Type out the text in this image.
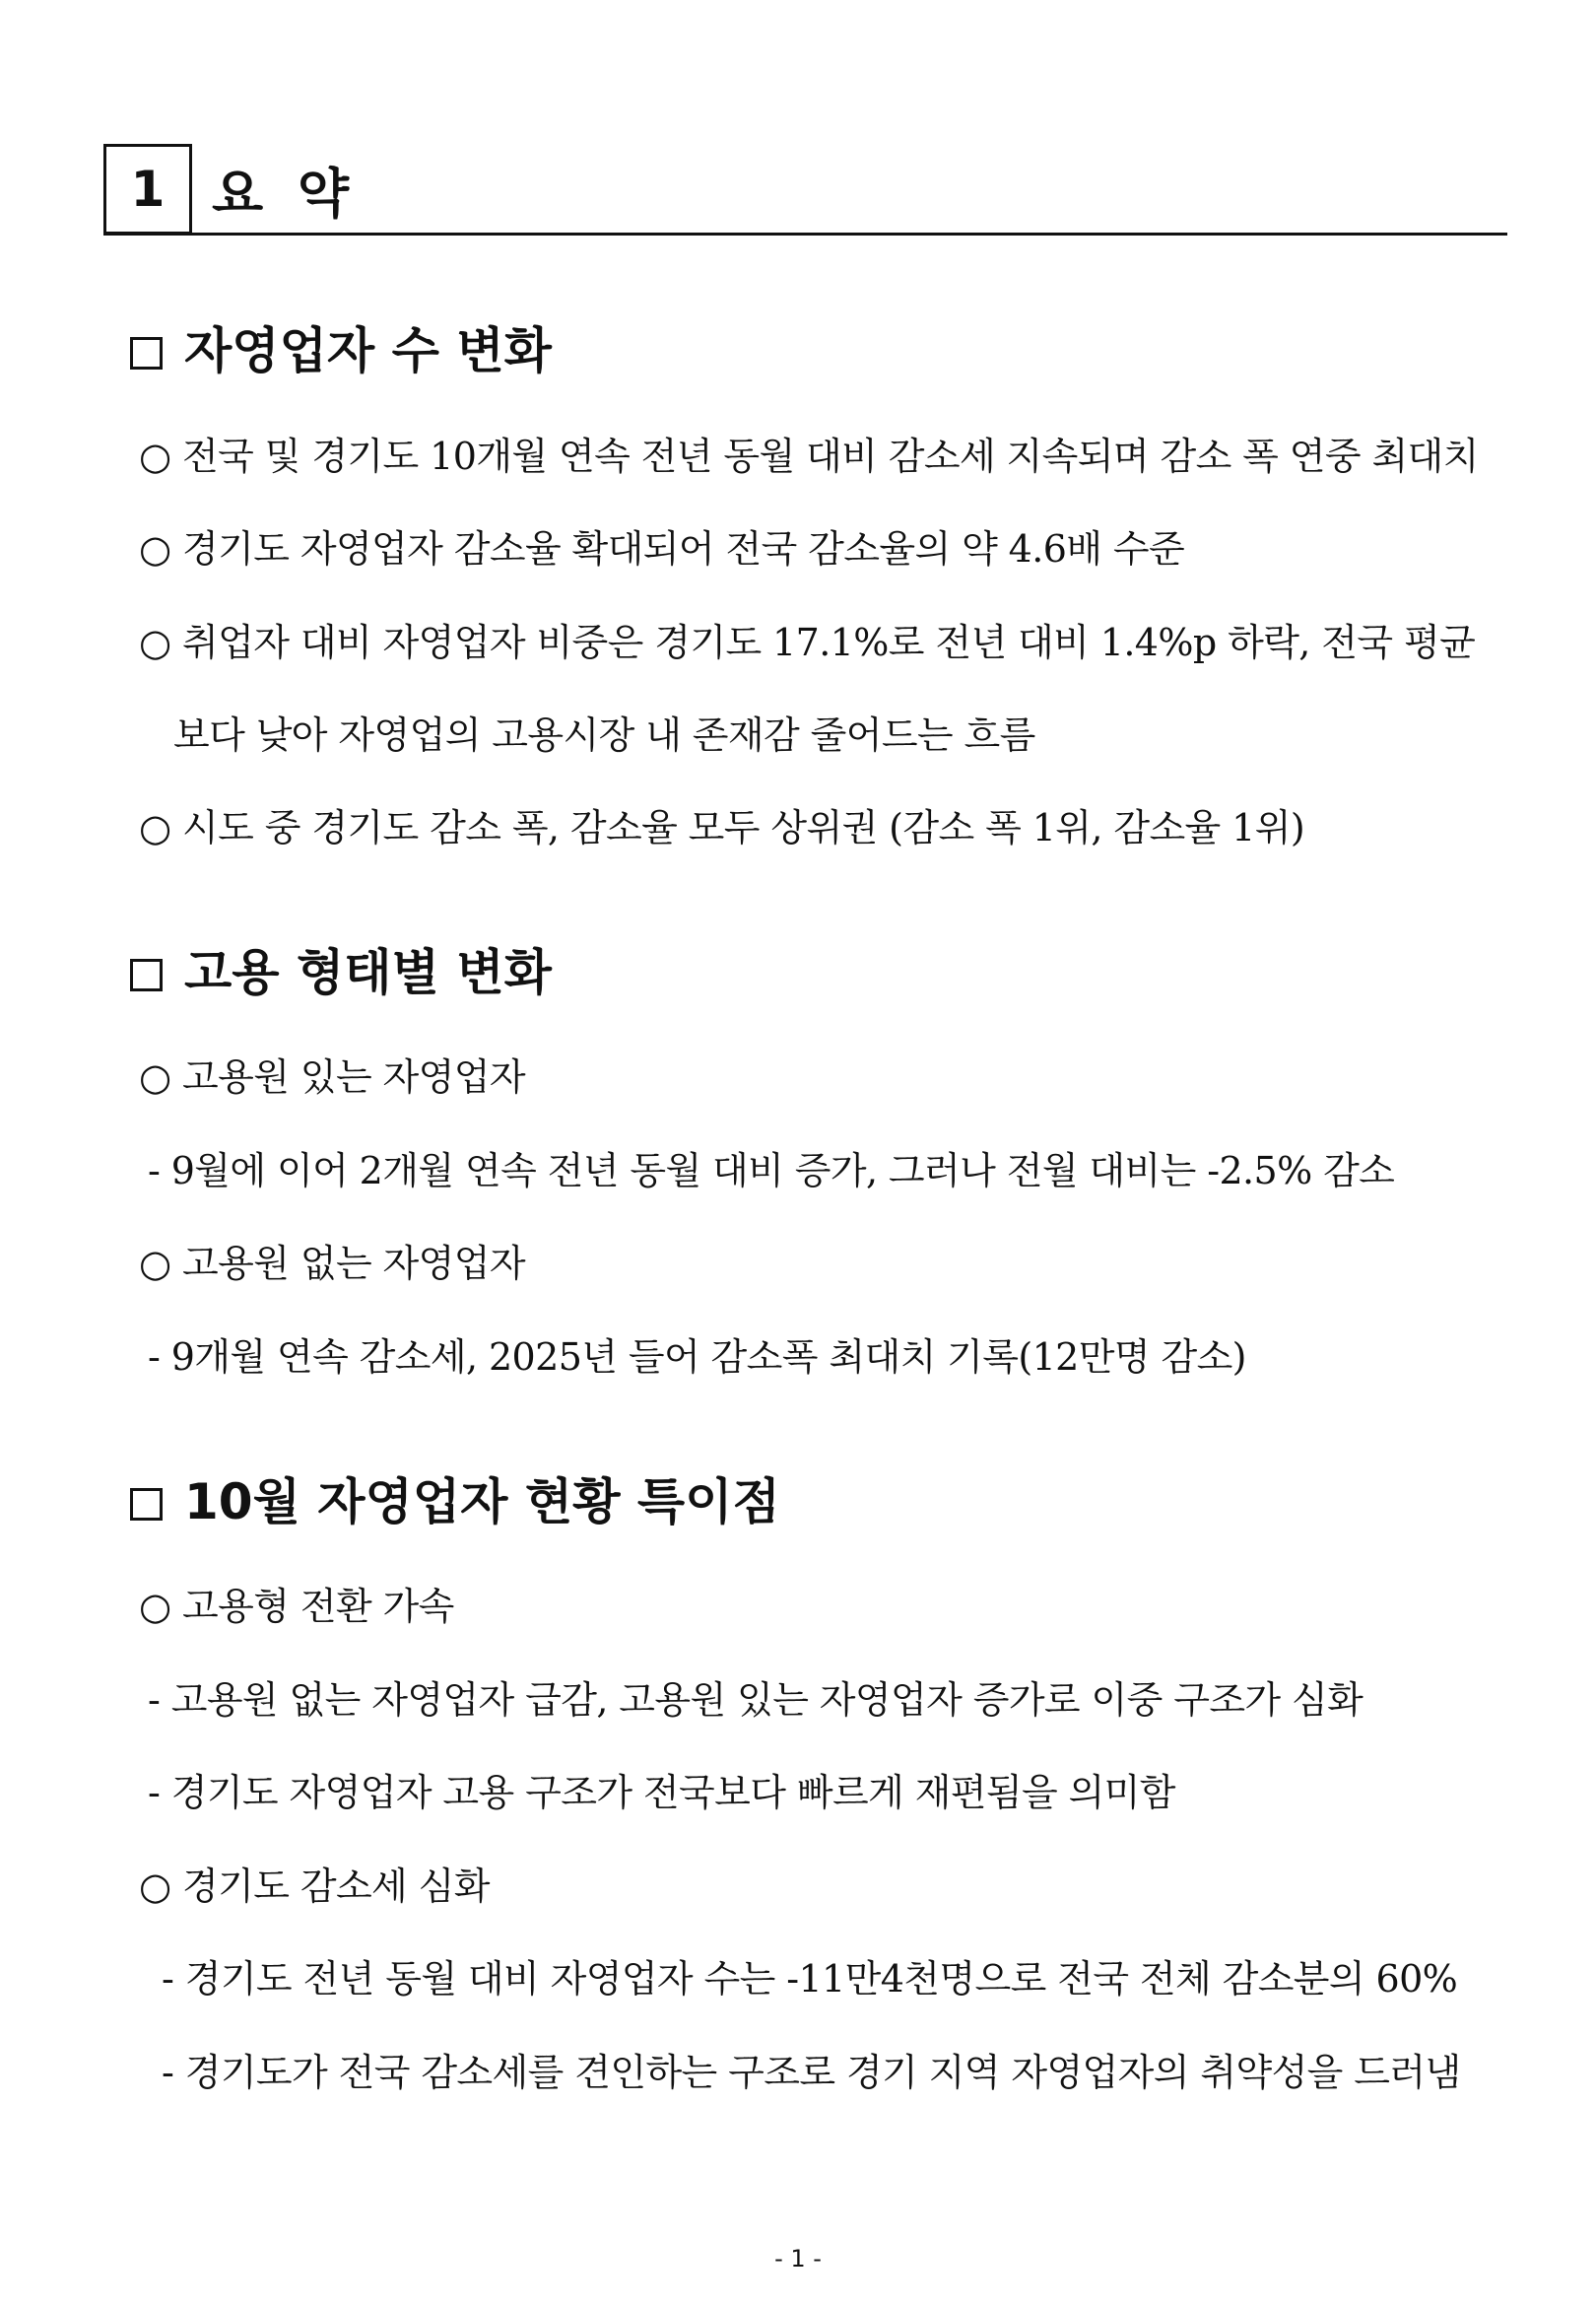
1 요 약
자영업자 수 변화
○ 전국 및 경기도 10개월 연속 전년 동월 대비 감소세 지속되며 감소 폭 연중 최대치
○ 경기도 자영업자 감소율 확대되어 전국 감소율의 약 4.6배 수준
○ 취업자 대비 자영업자 비중은 경기도 17.1%로 전년 대비 1.4%p 하락, 전국 평균
보다 낮아 자영업의 고용시장 내 존재감 줄어드는 흐름
○ 시도 중 경기도 감소 폭, 감소율 모두 상위권 (감소 폭 1위, 감소율 1위)
고용 형태별 변화
○ 고용원 있는 자영업자
- 9월에 이어 2개월 연속 전년 동월 대비 증가, 그러나 전월 대비는 -2.5% 감소
○ 고용원 없는 자영업자
- 9개월 연속 감소세, 2025년 들어 감소폭 최대치 기록(12만명 감소)
10월 자영업자 현황 특이점
○ 고용형 전환 가속
- 고용원 없는 자영업자 급감, 고용원 있는 자영업자 증가로 이중 구조가 심화
- 경기도 자영업자 고용 구조가 전국보다 빠르게 재편됨을 의미함
○ 경기도 감소세 심화
- 경기도 전년 동월 대비 자영업자 수는 -11만4천명으로 전국 전체 감소분의 60%
- 경기도가 전국 감소세를 견인하는 구조로 경기 지역 자영업자의 취약성을 드러냄
- 1 -
